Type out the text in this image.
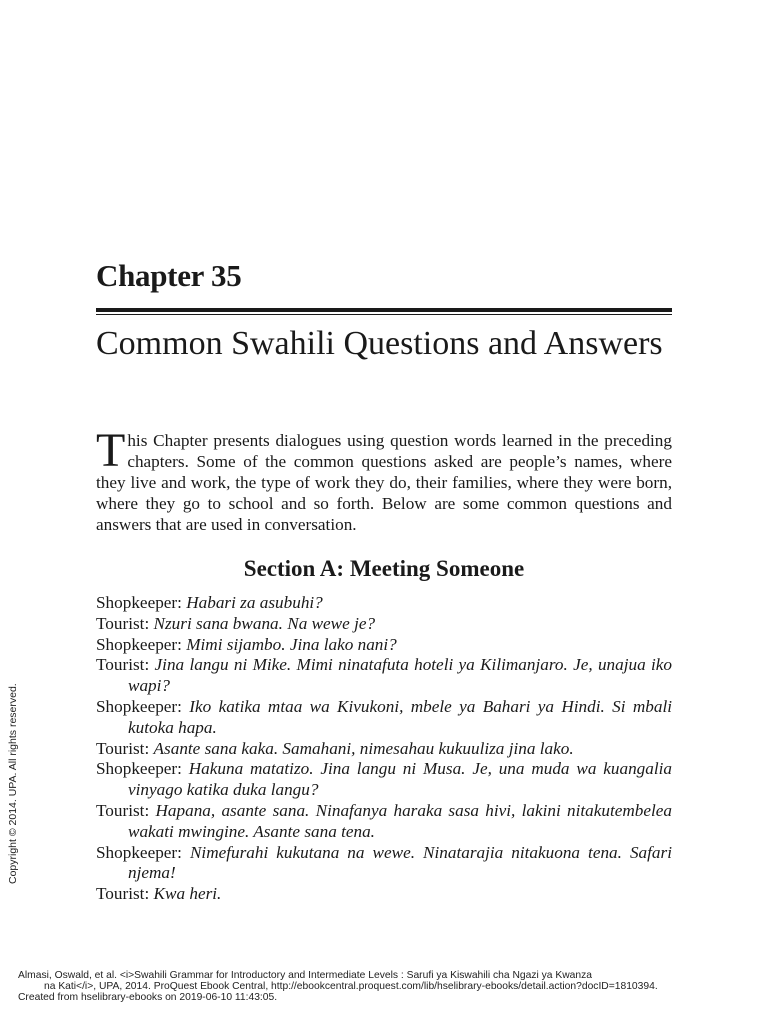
Chapter 35
Common Swahili Questions and Answers

This Chapter presents dialogues using question words learned in the preceding chapters. Some of the common questions asked are people’s names, where they live and work, the type of work they do, their families, where they were born, where they go to school and so forth. Below are some common questions and answers that are used in conversation.

Section A: Meeting Someone
Shopkeeper: Habari za asubuhi?
Tourist: Nzuri sana bwana. Na wewe je?
Shopkeeper: Mimi sijambo. Jina lako nani?
Tourist: Jina langu ni Mike. Mimi ninatafuta hoteli ya Kilimanjaro. Je, unajua iko wapi?
Shopkeeper: Iko katika mtaa wa Kivukoni, mbele ya Bahari ya Hindi. Si mbali kutoka hapa.
Tourist: Asante sana kaka. Samahani, nimesahau kukuuliza jina lako.
Shopkeeper: Hakuna matatizo. Jina langu ni Musa. Je, una muda wa kuangalia vinyago katika duka langu?
Tourist: Hapana, asante sana. Ninafanya haraka sasa hivi, lakini nitakutembelea wakati mwingine. Asante sana tena.
Shopkeeper: Nimefurahi kukutana na wewe. Ninatarajia nitakuona tena. Safari njema!
Tourist: Kwa heri.
Copyright © 2014. UPA. All rights reserved.
Almasi, Oswald, et al. <i>Swahili Grammar for Introductory and Intermediate Levels : Sarufi ya Kiswahili cha Ngazi ya Kwanza
na Kati</i>, UPA, 2014. ProQuest Ebook Central, http://ebookcentral.proquest.com/lib/hselibrary-ebooks/detail.action?docID=1810394.
Created from hselibrary-ebooks on 2019-06-10 11:43:05.
